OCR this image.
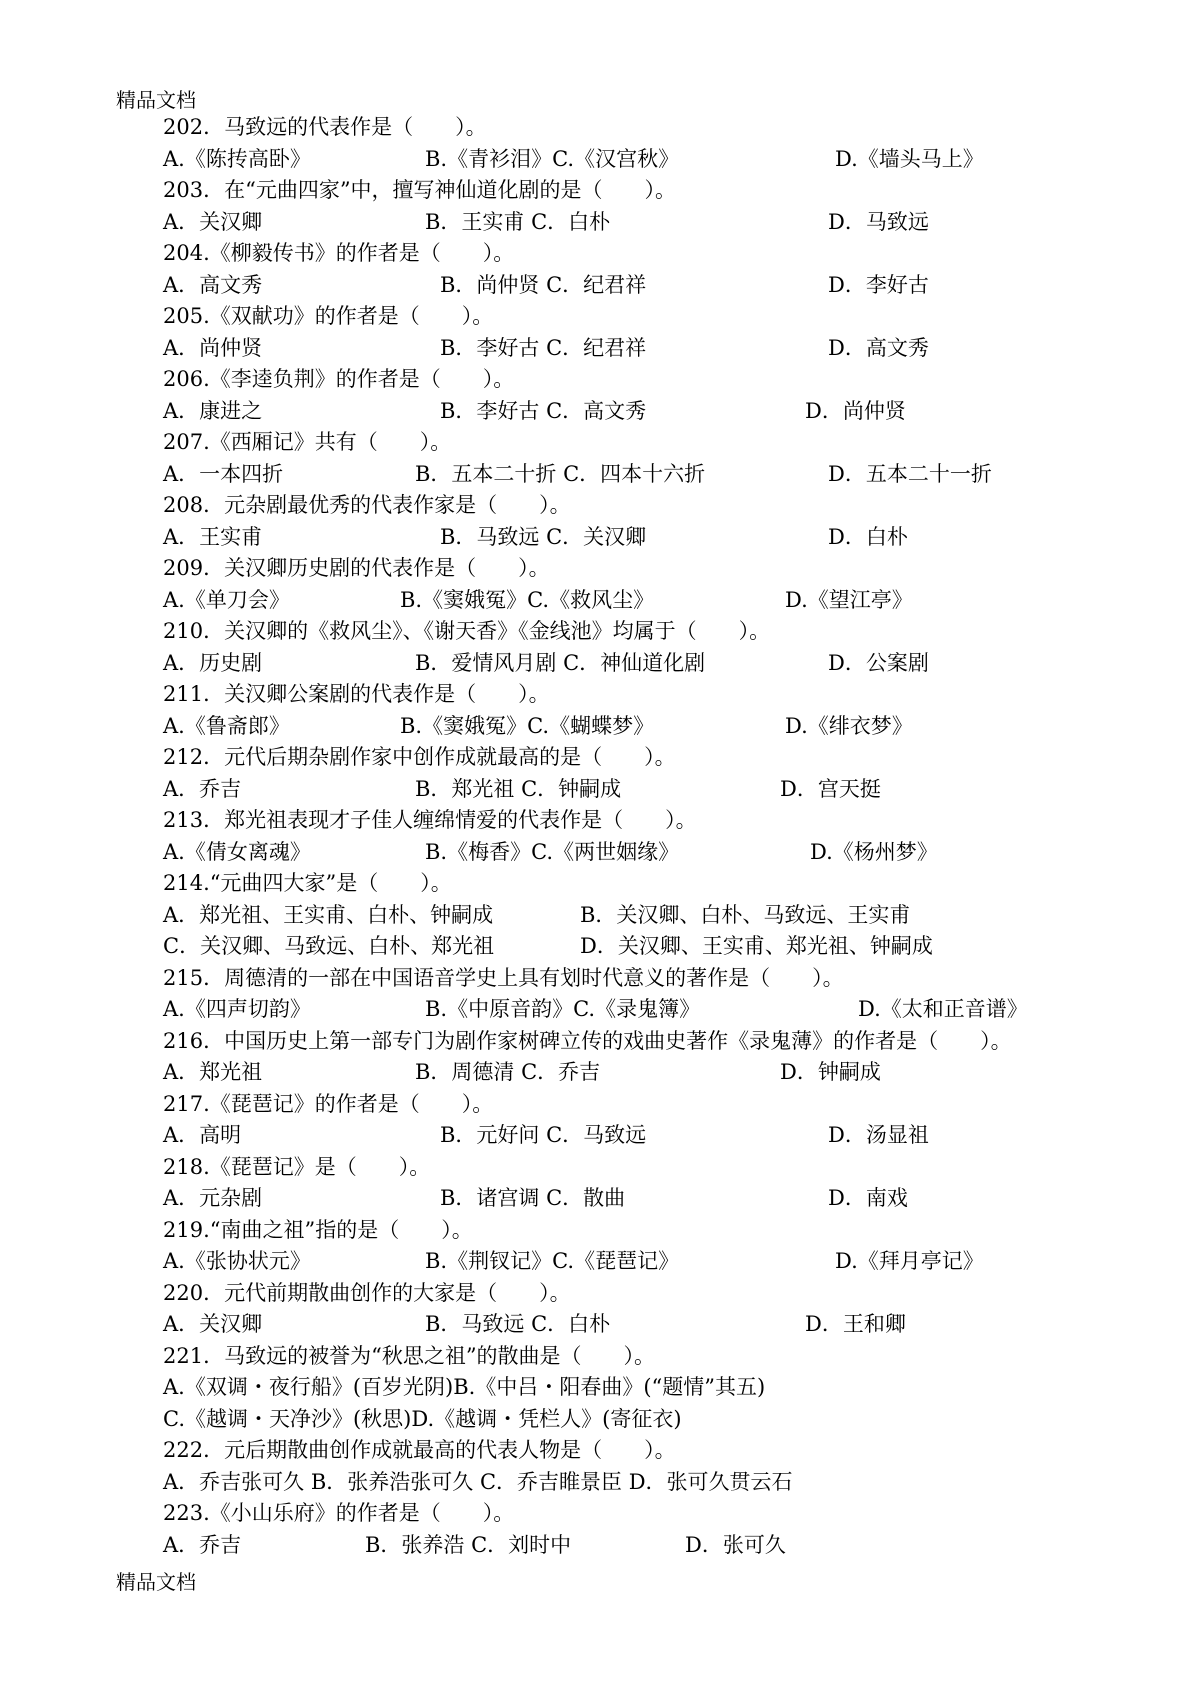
精品文档
202．马致远的代表作是（　　）。
A.《陈抟高卧》	B.《青衫泪》C.《汉宫秋》	D.《墙头马上》
203．在“元曲四家”中，擅写神仙道化剧的是（　　）。
A．关汉卿	B．王实甫 C．白朴	D．马致远
204.《柳毅传书》的作者是（　　）。
A．高文秀	B．尚仲贤 C．纪君祥	D．李好古
205.《双献功》的作者是（　　）。
A．尚仲贤	B．李好古 C．纪君祥	D．高文秀
206.《李逵负荆》的作者是（　　）。
A．康进之	B．李好古 C．高文秀	D．尚仲贤
207.《西厢记》共有（　　）。
A．一本四折	B．五本二十折 C．四本十六折	D．五本二十一折
208．元杂剧最优秀的代表作家是（　　）。
A．王实甫	B．马致远 C．关汉卿	D．白朴
209．关汉卿历史剧的代表作是（　　）。
A.《单刀会》	B.《窦娥冤》C.《救风尘》	D.《望江亭》
210．关汉卿的《救风尘》、《谢天香》《金线池》均属于（　　）。
A．历史剧	B．爱情风月剧 C．神仙道化剧	D．公案剧
211．关汉卿公案剧的代表作是（　　）。
A.《鲁斋郎》	B.《窦娥冤》C.《蝴蝶梦》	D.《绯衣梦》
212．元代后期杂剧作家中创作成就最高的是（　　）。
A．乔吉	B．郑光祖 C．钟嗣成	D．宫天挺
213．郑光祖表现才子佳人缠绵情爱的代表作是（　　）。
A.《倩女离魂》	B.《梅香》C.《两世姻缘》	D.《杨州梦》
214.“元曲四大家”是（　　）。
A．郑光祖、王实甫、白朴、钟嗣成	B．关汉卿、白朴、马致远、王实甫
C．关汉卿、马致远、白朴、郑光祖	D．关汉卿、王实甫、郑光祖、钟嗣成
215．周德清的一部在中国语音学史上具有划时代意义的著作是（　　）。
A.《四声切韵》	B.《中原音韵》C.《录鬼簿》	D.《太和正音谱》
216．中国历史上第一部专门为剧作家树碑立传的戏曲史著作《录鬼薄》的作者是（　　）。
A．郑光祖	B．周德清 C．乔吉	D．钟嗣成
217.《琵琶记》的作者是（　　）。
A．高明	B．元好问 C．马致远	D．汤显祖
218.《琵琶记》是（　　）。
A．元杂剧	B．诸宫调 C．散曲	D．南戏
219.“南曲之祖”指的是（　　）。
A.《张协状元》	B.《荆钗记》C.《琵琶记》	D.《拜月亭记》
220．元代前期散曲创作的大家是（　　）。
A．关汉卿	B．马致远 C．白朴	D．王和卿
221．马致远的被誉为“秋思之祖”的散曲是（　　）。
A.《双调・夜行船》(百岁光阴)B.《中吕・阳春曲》(“题情”其五)
C.《越调・天净沙》(秋思)D.《越调・凭栏人》(寄征衣)
222．元后期散曲创作成就最高的代表人物是（　　）。
A．乔吉张可久 B．张养浩张可久 C．乔吉睢景臣 D．张可久贯云石
223.《小山乐府》的作者是（　　）。
A．乔吉	B．张养浩 C．刘时中	D．张可久
精品文档
